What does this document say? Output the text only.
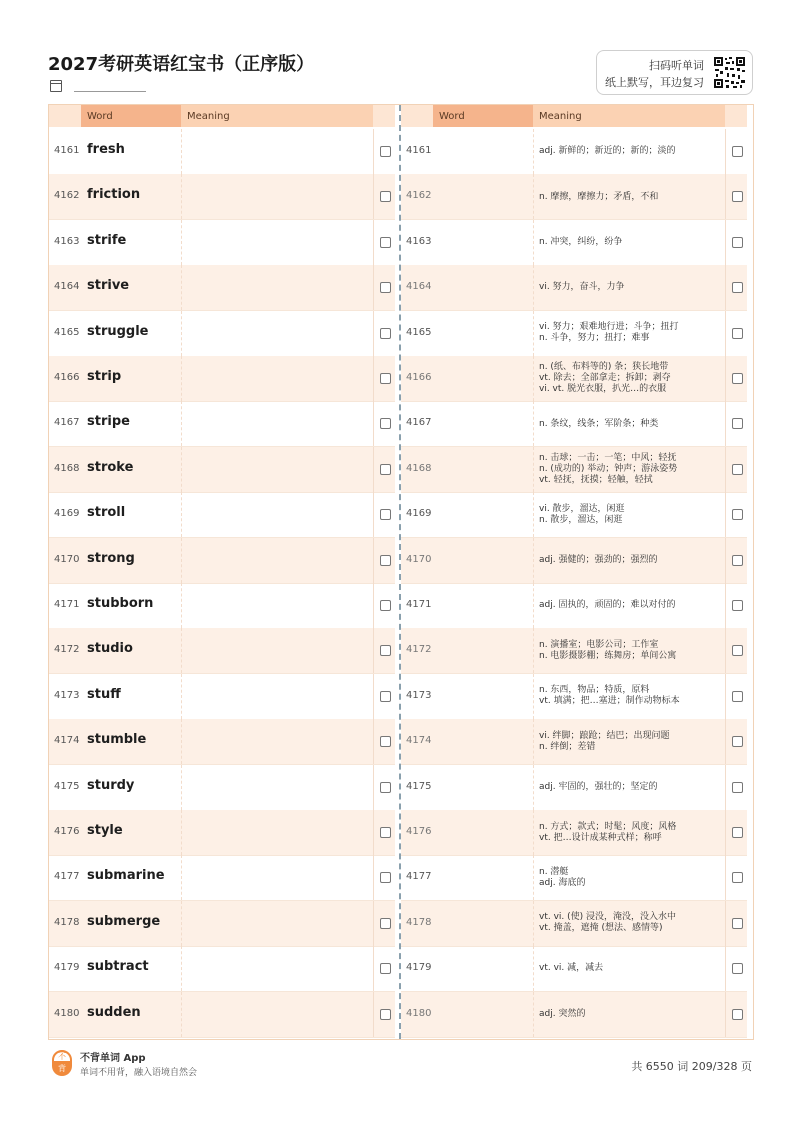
2027考研英语红宝书（正序版）	扫码听单词
纸上默写，耳边复习
Word	Meaning
4161 fresh
4162 friction
4163 strife
4164 strive
4165 struggle
4166 strip
4167 stripe
4168 stroke
4169 stroll
4170 strong
4171 stubborn
4172 studio
4173 stuff
4174 stumble
4175 sturdy
4176 style
4177 submarine
4178 submerge
4179 subtract
4180 sudden
Word	Meaning
4161	adj. 新鲜的；新近的；新的；淡的
4162	n. 摩擦，摩擦力；矛盾，不和
4163	n. 冲突，纠纷，纷争
4164	vi. 努力，奋斗，力争
4165	vi. 努力；艰难地行进；斗争；扭打
n. 斗争，努力；扭打；难事
4166
n. (纸、布料等的) 条；狭长地带
vt. 除去；全部拿走；拆卸；剥夺
vi. vt. 脱光衣服，扒光…的衣服
4167	n. 条纹，线条；军阶条；种类
4168
n. 击球；一击；一笔；中风；轻抚
n. (成功的) 举动；钟声；游泳姿势
vt. 轻抚，抚摸；轻触，轻拭
4169	vi. 散步，溜达，闲逛
n. 散步，溜达，闲逛
4170	adj. 强健的；强劲的；强烈的
4171	adj. 固执的，顽固的；难以对付的
4172	n. 演播室；电影公司；工作室
n. 电影摄影棚；练舞房；单间公寓
4173	n. 东西，物品；特质，原料
vt. 填满；把…塞进；制作动物标本
4174	vi. 绊脚；踉跄；结巴；出现问题
n. 绊倒；差错
4175	adj. 牢固的，强壮的；坚定的
4176	n. 方式；款式；时髦；风度；风格
vt. 把…设计成某种式样；称呼
4177	n. 潜艇
adj. 海底的
4178	vt. vi. (使) 浸没，淹没，没入水中
vt. 掩盖，遮掩 (想法、感情等)
4179	vt. vi. 减，减去
4180	adj. 突然的
不
背
不背单词 App
单词不用背，融入语境自然会	共 6550 词 209/328 页
